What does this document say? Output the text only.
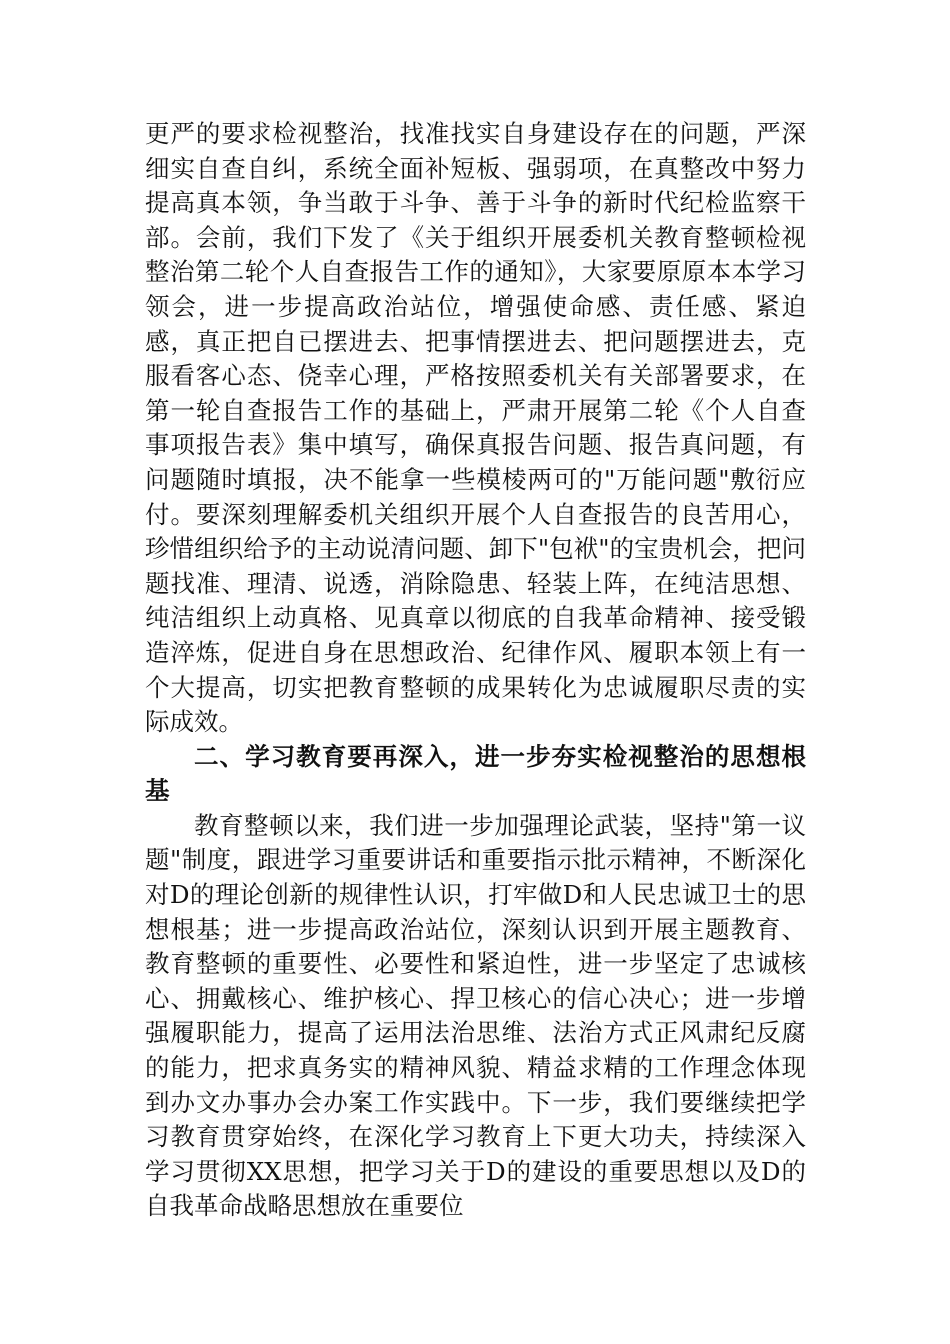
更严的要求检视整治，找准找实自身建设存在的问题，严深细实自查自纠，系统全面补短板、强弱项，在真整改中努力提高真本领，争当敢于斗争、善于斗争的新时代纪检监察干部。会前，我们下发了《关于组织开展委机关教育整顿检视整治第二轮个人自查报告工作的通知》，大家要原原本本学习领会，进一步提高政治站位，增强使命感、责任感、紧迫感，真正把自已摆进去、把事情摆进去、把问题摆进去，克服看客心态、侥幸心理，严格按照委机关有关部署要求，在第一轮自查报告工作的基础上，严肃开展第二轮《个人自查事项报告表》集中填写，确保真报告问题、报告真问题，有问题随时填报，决不能拿一些模棱两可的"万能问题"敷衍应付。要深刻理解委机关组织开展个人自查报告的良苦用心，珍惜组织给予的主动说清问题、卸下"包袱"的宝贵机会，把问题找准、理清、说透，消除隐患、轻装上阵，在纯洁思想、纯洁组织上动真格、见真章以彻底的自我革命精神、接受锻造淬炼，促进自身在思想政治、纪律作风、履职本领上有一个大提高，切实把教育整顿的成果转化为忠诚履职尽责的实际成效。

二、学习教育要再深入，进一步夯实检视整治的思想根基

教育整顿以来，我们进一步加强理论武装，坚持"第一议题"制度，跟进学习重要讲话和重要指示批示精神，不断深化对D的理论创新的规律性认识，打牢做D和人民忠诚卫士的思想根基；进一步提高政治站位，深刻认识到开展主题教育、教育整顿的重要性、必要性和紧迫性，进一步坚定了忠诚核心、拥戴核心、维护核心、捍卫核心的信心决心；进一步增强履职能力，提高了运用法治思维、法治方式正风肃纪反腐的能力，把求真务实的精神风貌、精益求精的工作理念体现到办文办事办会办案工作实践中。下一步，我们要继续把学习教育贯穿始终，在深化学习教育上下更大功夫，持续深入学习贯彻XX思想，把学习关于D的建设的重要思想以及D的自我革命战略思想放在重要位
